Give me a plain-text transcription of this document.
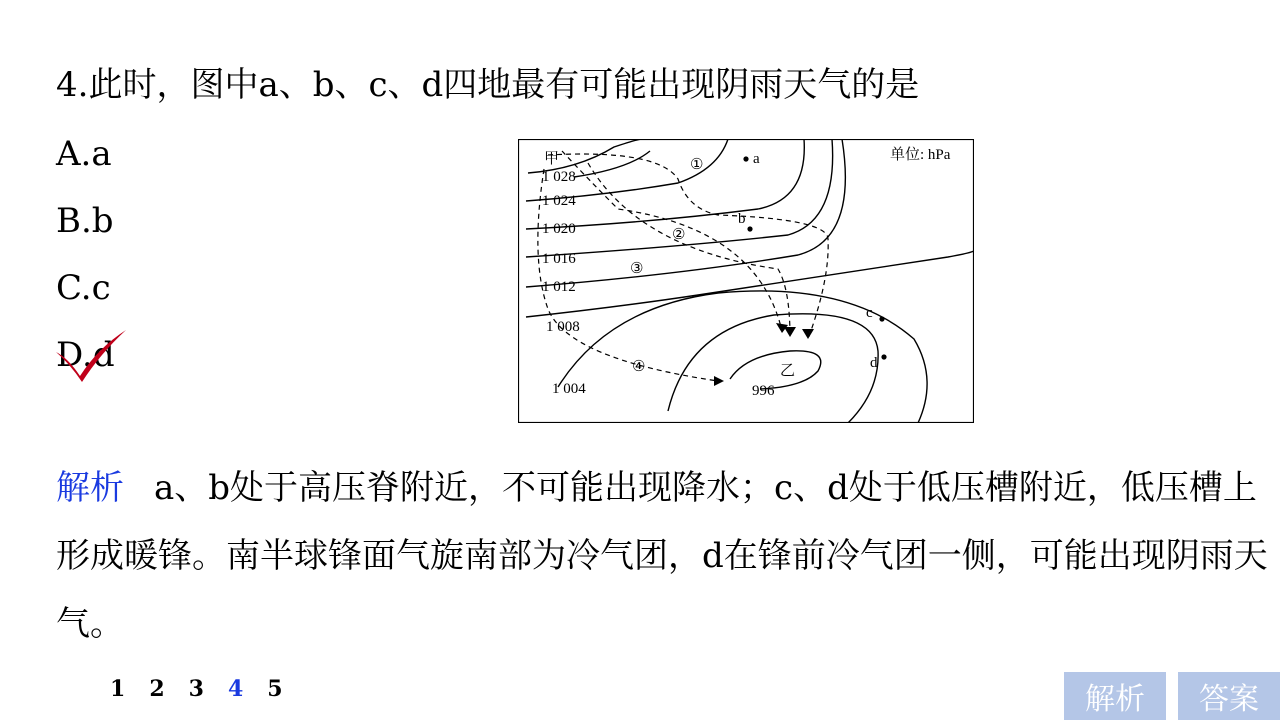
4.此时，图中a、b、c、d四地最有可能出现阴雨天气的是
A.a
B.b
C.c
D.d
单位: hPa
1 028
1 024
1 020
1 016
1 012
1 008
1 004	996
甲
乙
①
②
③
④
a
b
c
d
解析 a、b处于高压脊附近，不可能出现降水；c、d处于低压槽附近，低压槽上形成暖锋。南半球锋面气旋南部为冷气团，d在锋前冷气团一侧，可能出现阴雨天气。
1 2 3 4 5	解析	答案
